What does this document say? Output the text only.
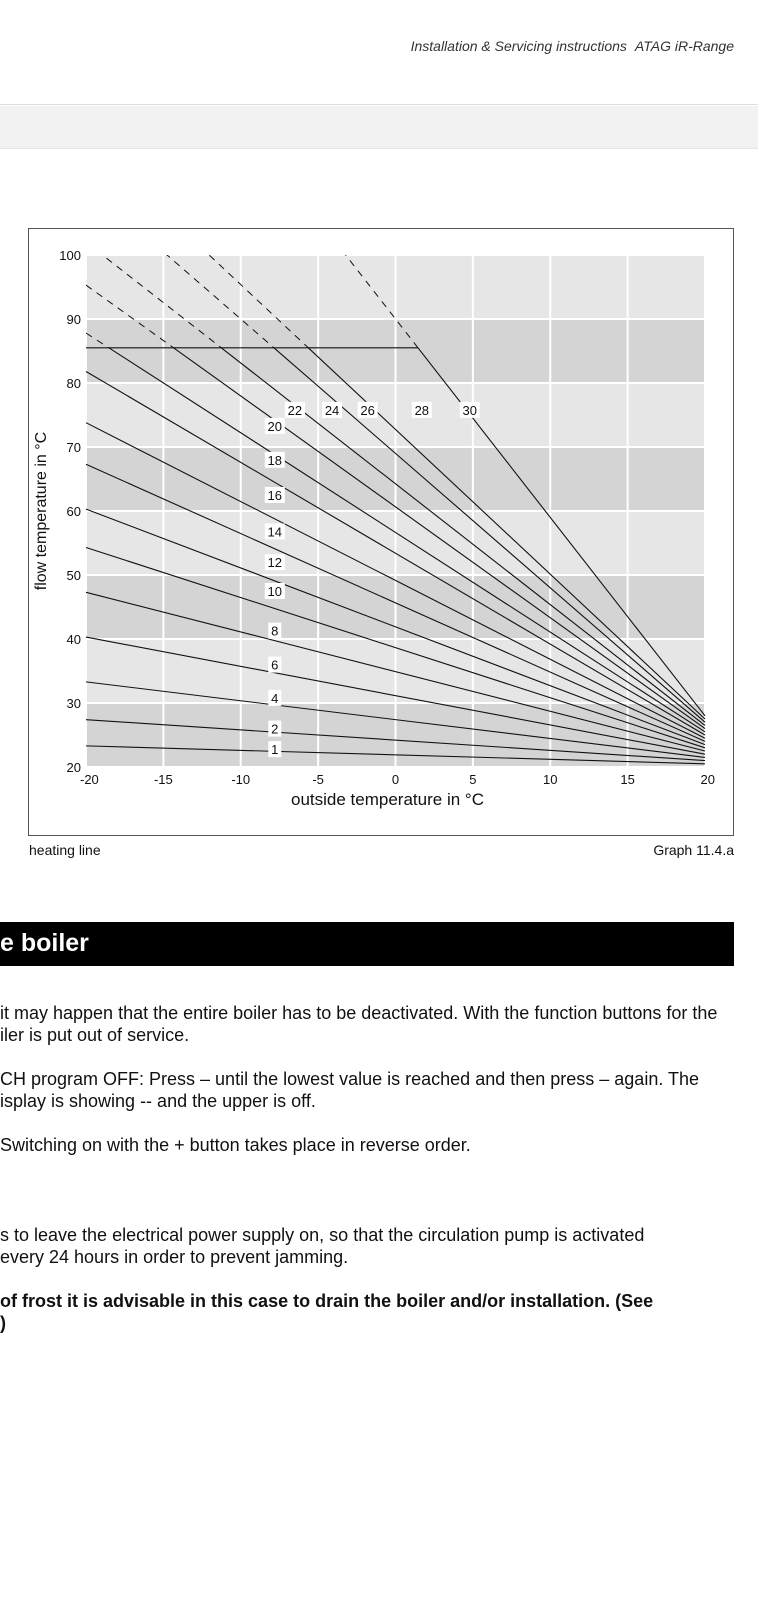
Installation & Servicing instructions ATAG iR-Range
1
2
4
6
8
10
12
14
16
18
20
22 24 26	28	30
20
30
40
50
60
70
80
90
100
-20	-15	-10	-5	0	5	10	15	20
outside temperature in °C
flow temperature in °C
heating line	Graph 11.4.a
e boiler
it may happen that the entire boiler has to be deactivated. With the function buttons for the
iler is put out of service.
CH program OFF: Press – until the lowest value is reached and then press – again. The
isplay is showing -- and the upper is off.
Switching on with the + button takes place in reverse order.
s to leave the electrical power supply on, so that the circulation pump is activated
every 24 hours in order to prevent jamming.
of frost it is advisable in this case to drain the boiler and/or installation. (See
)
